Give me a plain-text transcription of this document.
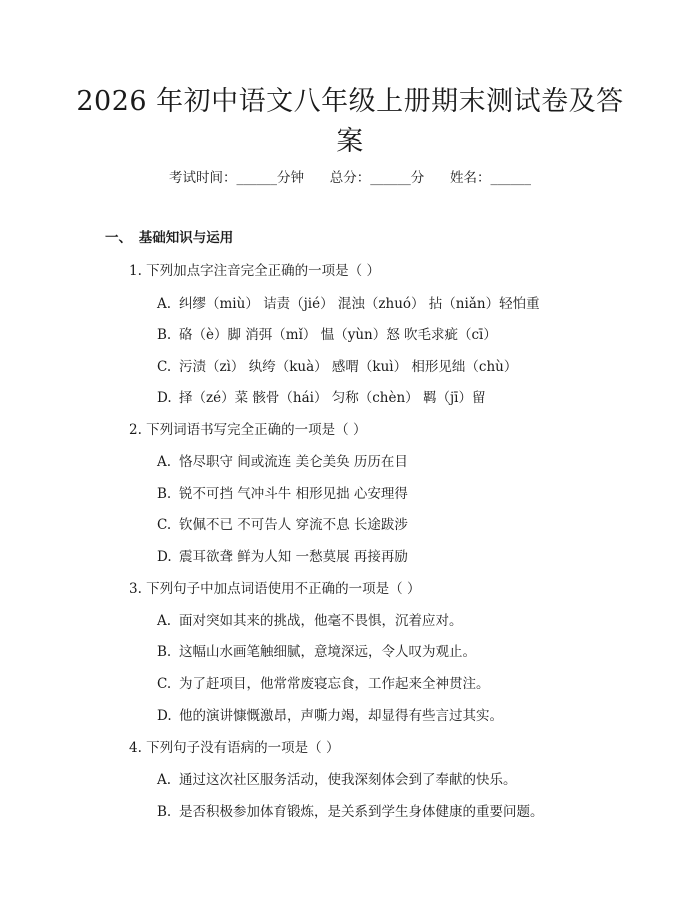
2026 年初中语文八年级上册期末测试卷及答
案
考试时间：______分钟 总分：______分 姓名：______
一、　基础知识与运用
1. 下列加点字注音完全正确的一项是（ ）
A. 纠缪（miù） 诘责（jié） 混浊（zhuó） 拈（niǎn）轻怕重
B. 硌（è）脚 消弭（mǐ） 愠（yùn）怒 吹毛求疵（cī）
C. 污渍（zì） 纨绔（kuà） 感喟（kuì） 相形见绌（chù）
D. 择（zé）菜 骸骨（hái） 匀称（chèn） 羁（jī）留
2. 下列词语书写完全正确的一项是（ ）
A. 恪尽职守 间或流连 美仑美奂 历历在目
B. 锐不可挡 气冲斗牛 相形见拙 心安理得
C. 钦佩不已 不可告人 穿流不息 长途跋涉
D. 震耳欲聋 鲜为人知 一愁莫展 再接再励
3. 下列句子中加点词语使用不正确的一项是（ ）
A. 面对突如其来的挑战，他毫不畏惧，沉着应对。
B. 这幅山水画笔触细腻，意境深远，令人叹为观止。
C. 为了赶项目，他常常废寝忘食，工作起来全神贯注。
D. 他的演讲慷慨激昂，声嘶力竭，却显得有些言过其实。
4. 下列句子没有语病的一项是（ ）
A. 通过这次社区服务活动，使我深刻体会到了奉献的快乐。
B. 是否积极参加体育锻炼，是关系到学生身体健康的重要问题。
